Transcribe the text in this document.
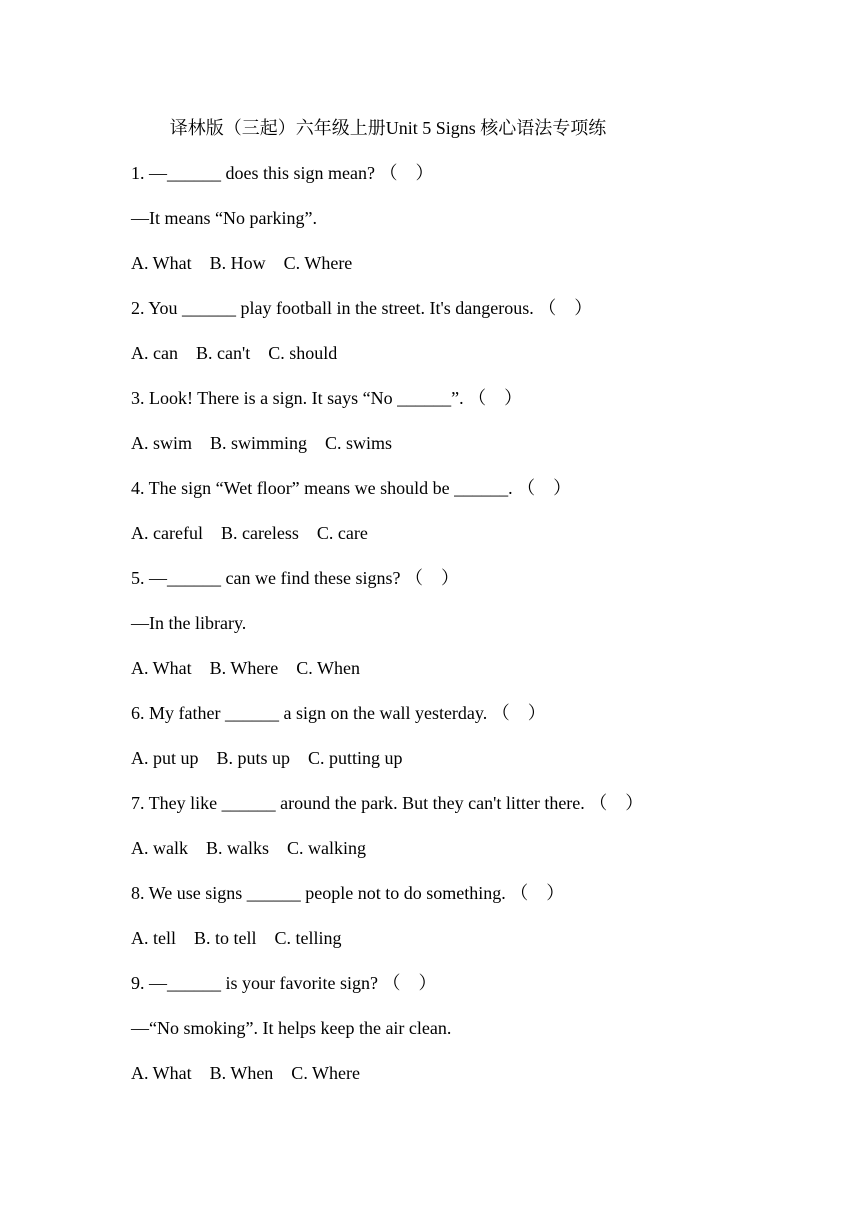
译林版（三起）六年级上册Unit 5 Signs 核心语法专项练
1. —______ does this sign mean? （　）
—It means “No parking”.
A. What　B. How　C. Where
2. You ______ play football in the street. It's dangerous. （　）
A. can　B. can't　C. should
3. Look! There is a sign. It says “No ______”. （　）
A. swim　B. swimming　C. swims
4. The sign “Wet floor” means we should be ______. （　）
A. careful　B. careless　C. care
5. —______ can we find these signs? （　）
—In the library.
A. What　B. Where　C. When
6. My father ______ a sign on the wall yesterday. （　）
A. put up　B. puts up　C. putting up
7. They like ______ around the park. But they can't litter there. （　）
A. walk　B. walks　C. walking
8. We use signs ______ people not to do something. （　）
A. tell　B. to tell　C. telling
9. —______ is your favorite sign? （　）
—“No smoking”. It helps keep the air clean.
A. What　B. When　C. Where
